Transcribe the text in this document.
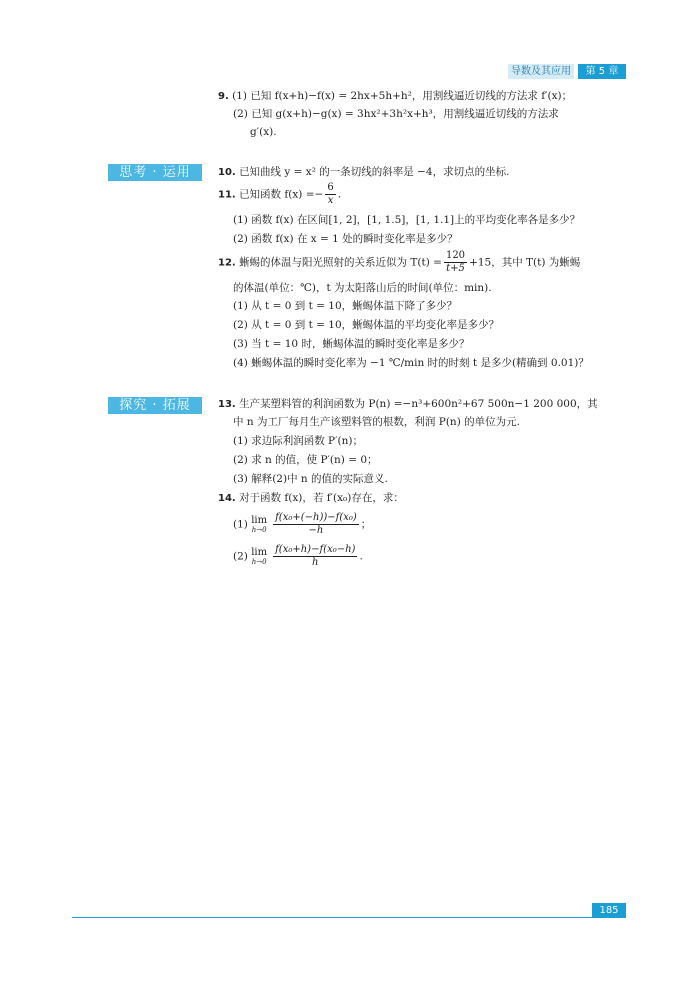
导数及其应用	第 5 章
9. (1) 已知 f(x+h)−f(x) = 2hx+5h+h²，用割线逼近切线的方法求 f′(x)；
(2) 已知 g(x+h)−g(x) = 3hx²+3h²x+h³，用割线逼近切线的方法求
g′(x).
思考 · 运用	10. 已知曲线 y = x² 的一条切线的斜率是 −4，求切点的坐标.
11. 已知函数 $f(x) =- \frac{6}{x}$ .
(1) 函数 f(x) 在区间[1, 2]，[1, 1.5]，[1, 1.1]上的平均变化率各是多少？
(2) 函数 f(x) 在 x = 1 处的瞬时变化率是多少？
12. 蜥蜴的体温与阳光照射的关系近似为 $T(t) = \frac{120}{t+5} +15$，其中 T(t) 为蜥蜴
的体温(单位：℃)，t 为太阳落山后的时间(单位：min).
(1) 从 t = 0 到 t = 10，蜥蜴体温下降了多少？
(2) 从 t = 0 到 t = 10，蜥蜴体温的平均变化率是多少？
(3) 当 t = 10 时，蜥蜴体温的瞬时变化率是多少？
(4) 蜥蜴体温的瞬时变化率为 −1 ℃/min 时的时刻 t 是多少(精确到 0.01)？
探究 · 拓展	13. 生产某塑料管的利润函数为 P(n) =−n³+600n²+67 500n−1 200 000，其
中 n 为工厂每月生产该塑料管的根数，利润 P(n) 的单位为元.
(1) 求边际利润函数 P′(n)；
(2) 求 n 的值，使 P′(n) = 0；
(3) 解释(2)中 n 的值的实际意义.
14. 对于函数 f(x)，若 f′(x₀)存在，求：
(1) lim
$h\to 0 \frac{\text{f(x₀+(−h))−f(x₀)}}{-h}$ ；
(2) lim
$h\to 0 \frac{\text{f(x₀+h)−f(x₀−h)}}{h}$ .
185
